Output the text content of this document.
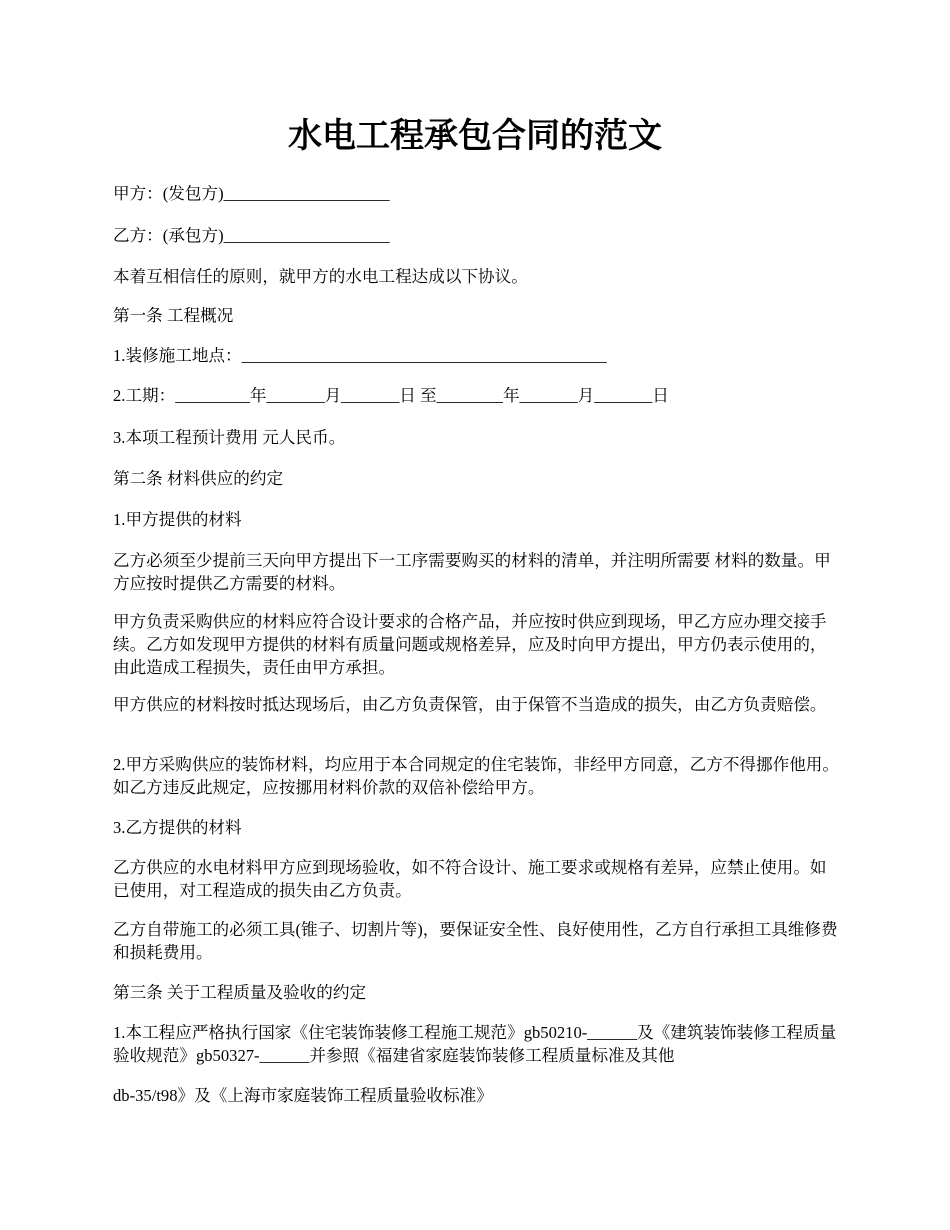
水电工程承包合同的范文

甲方：(发包方)____________________

乙方：(承包方)____________________

本着互相信任的原则，就甲方的水电工程达成以下协议。

第一条 工程概况

1.装修施工地点：____________________________________________

2.工期：_________年_______月_______日 至________年_______月_______日

3.本项工程预计费用 元人民币。

第二条 材料供应的约定

1.甲方提供的材料

乙方必须至少提前三天向甲方提出下一工序需要购买的材料的清单，并注明所需要 材料的数量。甲方应按时提供乙方需要的材料。

甲方负责采购供应的材料应符合设计要求的合格产品，并应按时供应到现场，甲乙方应办理交接手续。乙方如发现甲方提供的材料有质量问题或规格差异，应及时向甲方提出，甲方仍表示使用的，由此造成工程损失，责任由甲方承担。

甲方供应的材料按时抵达现场后，由乙方负责保管，由于保管不当造成的损失，由乙方负责赔偿。

2.甲方采购供应的装饰材料，均应用于本合同规定的住宅装饰，非经甲方同意，乙方不得挪作他用。如乙方违反此规定，应按挪用材料价款的双倍补偿给甲方。

3.乙方提供的材料

乙方供应的水电材料甲方应到现场验收，如不符合设计、施工要求或规格有差异，应禁止使用。如已使用，对工程造成的损失由乙方负责。

乙方自带施工的必须工具(锥子、切割片等)，要保证安全性、良好使用性，乙方自行承担工具维修费和损耗费用。

第三条 关于工程质量及验收的约定

1.本工程应严格执行国家《住宅装饰装修工程施工规范》gb50210-______及《建筑装饰装修工程质量验收规范》gb50327-______并参照《福建省家庭装饰装修工程质量标准及其他

db-35/t98》及《上海市家庭装饰工程质量验收标准》
